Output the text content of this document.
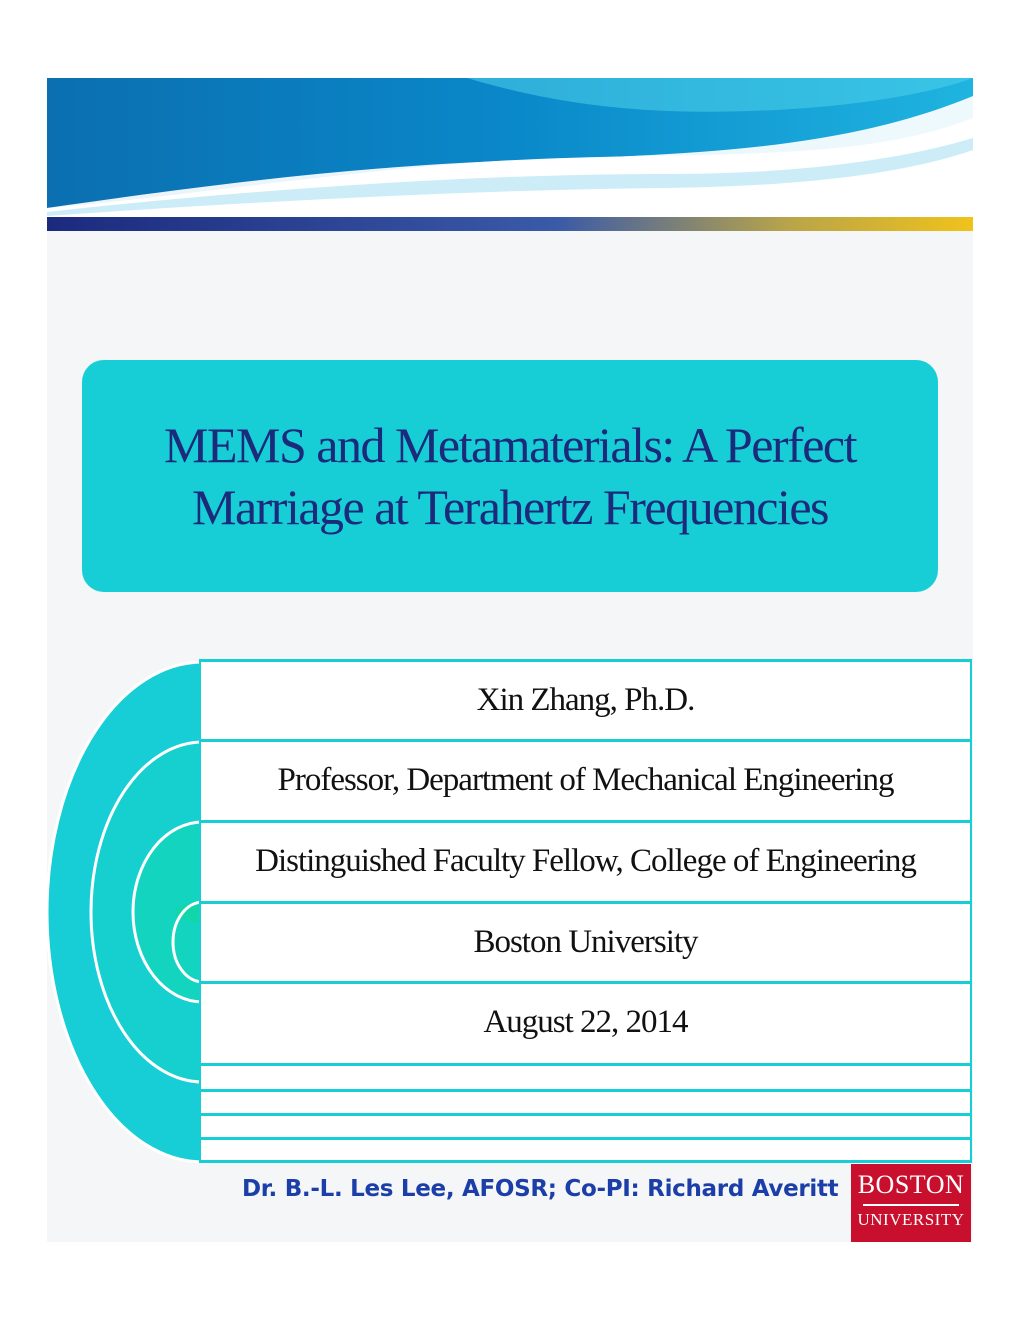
MEMS and Metamaterials: A Perfect
Marriage at Terahertz Frequencies
Xin Zhang, Ph.D.
Professor, Department of Mechanical Engineering
Distinguished Faculty Fellow, College of Engineering
Boston University
August 22, 2014
Dr. B.-L. Les Lee, AFOSR; Co-PI: Richard Averitt BOSTON
UNIVERSITY
